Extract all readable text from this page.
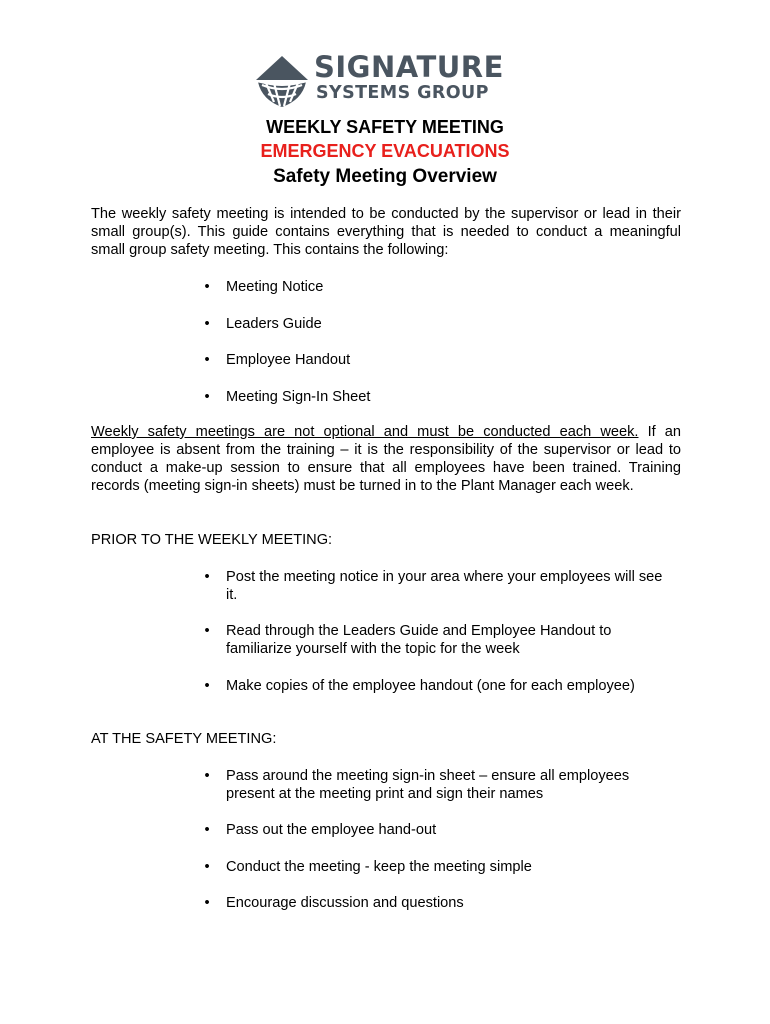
SIGNATURE
SYSTEMS GROUP
WEEKLY SAFETY MEETING
EMERGENCY EVACUATIONS
Safety Meeting Overview
The weekly safety meeting is intended to be conducted by the supervisor or lead in their
small group(s). This guide contains everything that is needed to conduct a meaningful
small group safety meeting. This contains the following:
• Meeting Notice
• Leaders Guide
• Employee Handout
• Meeting Sign-In Sheet
Weekly safety meetings are not optional and must be conducted each week. If an
employee is absent from the training – it is the responsibility of the supervisor or lead to
conduct a make-up session to ensure that all employees have been trained. Training
records (meeting sign-in sheets) must be turned in to the Plant Manager each week.
PRIOR TO THE WEEKLY MEETING:
• Post the meeting notice in your area where your employees will see
it.
• Read through the Leaders Guide and Employee Handout to
familiarize yourself with the topic for the week
• Make copies of the employee handout (one for each employee)
AT THE SAFETY MEETING:
• Pass around the meeting sign-in sheet – ensure all employees
present at the meeting print and sign their names
• Pass out the employee hand-out
• Conduct the meeting - keep the meeting simple
• Encourage discussion and questions
